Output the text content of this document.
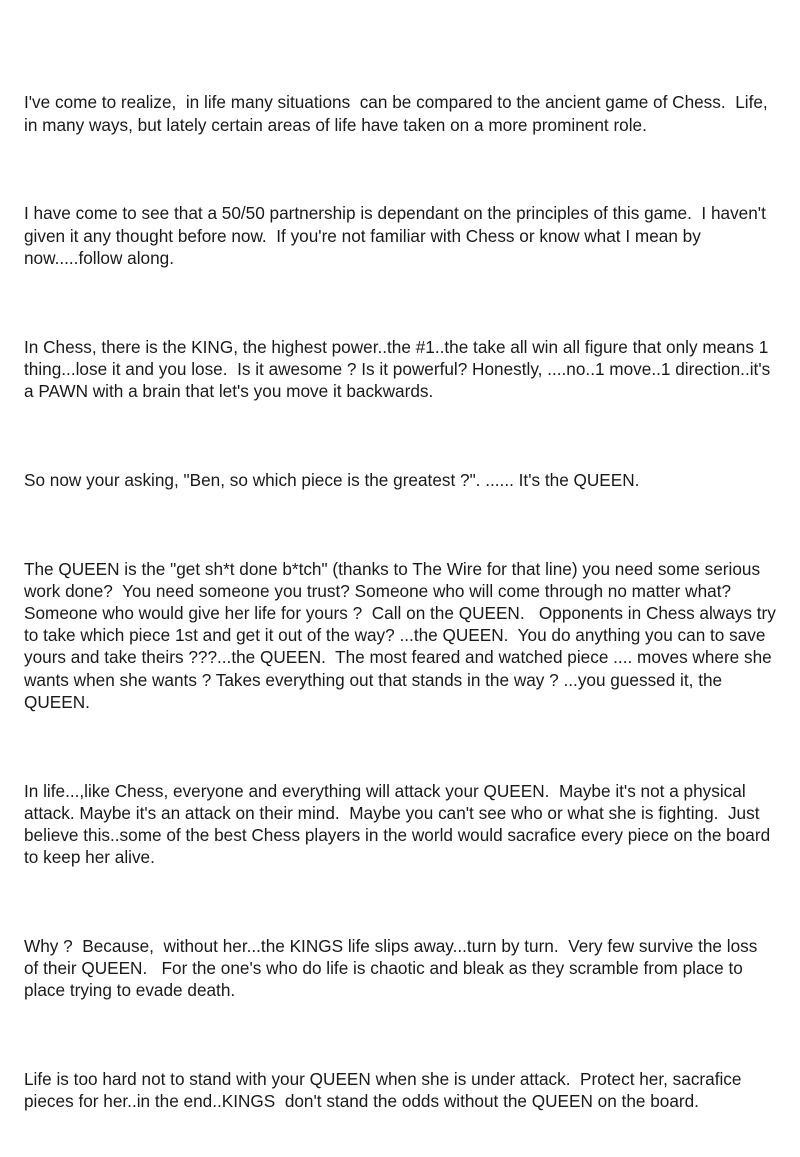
I've come to realize,  in life many situations  can be compared to the ancient game of Chess.  Life, in many ways, but lately certain areas of life have taken on a more prominent role.

I have come to see that a 50/50 partnership is dependant on the principles of this game.  I haven't given it any thought before now.  If you're not familiar with Chess or know what I mean by now.....follow along.

In Chess, there is the KING, the highest power..the #1..the take all win all figure that only means 1 thing...lose it and you lose.  Is it awesome ? Is it powerful? Honestly, ....no..1 move..1 direction..it's  a PAWN with a brain that let's you move it backwards.

So now your asking, "Ben, so which piece is the greatest ?". ...... It's the QUEEN.

The QUEEN is the "get sh*t done b*tch" (thanks to The Wire for that line) you need some serious work done?  You need someone you trust? Someone who will come through no matter what?   Someone who would give her life for yours ?  Call on the QUEEN.   Opponents in Chess always try to take which piece 1st and get it out of the way? ...the QUEEN.  You do anything you can to save yours and take theirs ???...the QUEEN.  The most feared and watched piece .... moves where she wants when she wants ? Takes everything out that stands in the way ? ...you guessed it, the QUEEN.

In life...,like Chess, everyone and everything will attack your QUEEN.  Maybe it's not a physical attack. Maybe it's an attack on their mind.  Maybe you can't see who or what she is fighting.  Just believe this..some of the best Chess players in the world would sacrafice every piece on the board to keep her alive.

Why ?  Because,  without her...the KINGS life slips away...turn by turn.  Very few survive the loss of their QUEEN.   For the one's who do life is chaotic and bleak as they scramble from place to place trying to evade death.

Life is too hard not to stand with your QUEEN when she is under attack.  Protect her, sacrafice pieces for her..in the end..KINGS  don't stand the odds without the QUEEN on the board.
